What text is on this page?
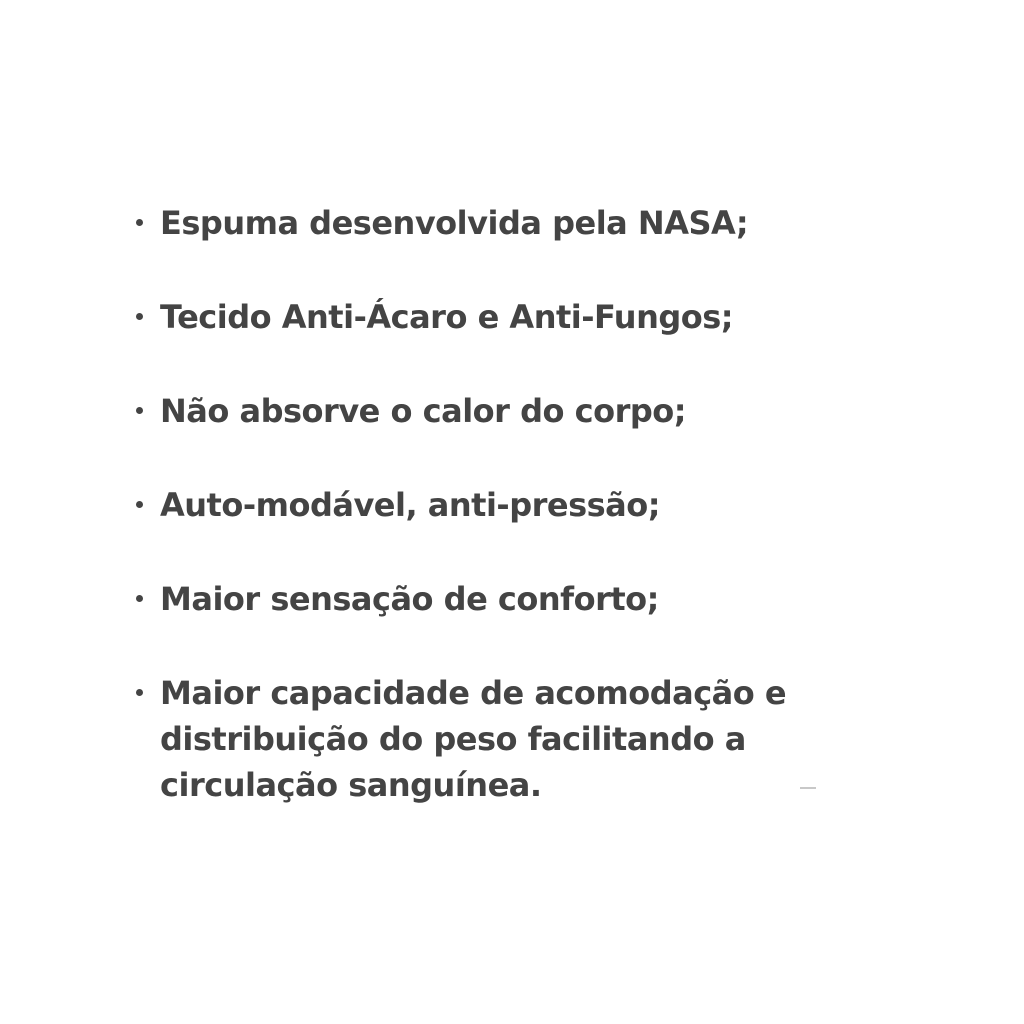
Espuma desenvolvida pela NASA;
Tecido Anti-Ácaro e Anti-Fungos;
Não absorve o calor do corpo;
Auto-modável, anti-pressão;
Maior sensação de conforto;
Maior capacidade de acomodação e distribuição do peso facilitando a circulação sanguínea.
